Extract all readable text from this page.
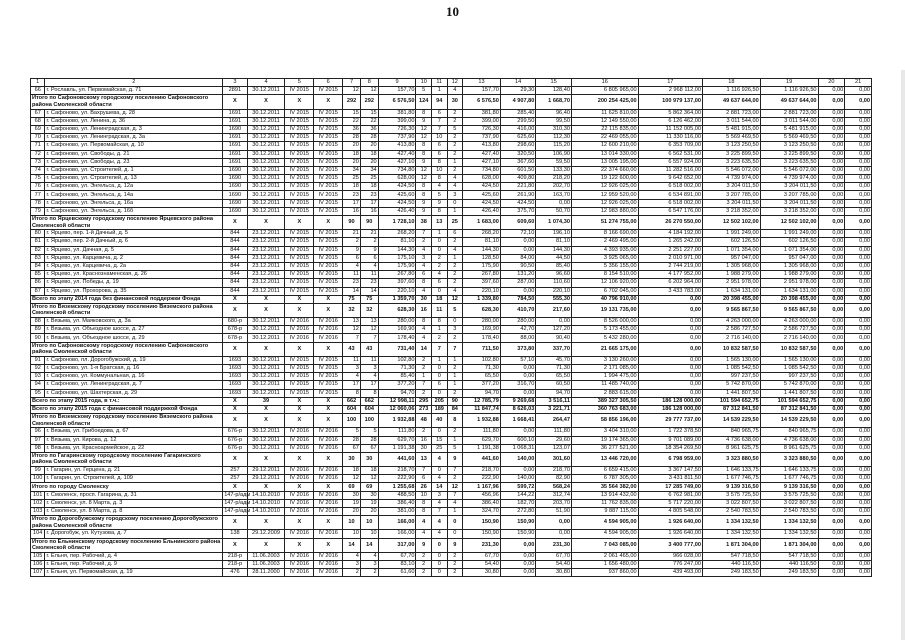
10
1	2	3	4	5	6	7	8	9	10	11	12	13	14	15	16	17	18	19	20	21
66	г. Рославль, ул. Первомайская, д. 71	2891	30.12.2011	IV 2015	IV 2015	12	12	157,70	5	1	4	157,70	29,30	128,40	6 805 965,00	2 968 112,00	1 116 926,50	1 116 926,50	0,00	0,00
Итого по Сафоновскому городскому поселению Сафоновского района Смоленской области		X	X	X	X	292	292	6 576,50	124	94	30	6 576,50	4 907,80	1 668,70	200 254 425,00	100 979 137,00	49 637 644,00	49 637 644,00	0,00	0,00
67	г. Сафоново, ул. Вахрушева, д. 28	1691	30.12.2011	IV 2015	IV 2015	15	15	381,80	8	6	2	381,80	285,40	96,40	11 625 810,00	5 862 364,00	2 881 723,00	2 881 723,00	0,00	0,00
68	г. Сафоново, ул. Ленина, д. 36	1691	30.12.2011	IV 2015	IV 2015	22	22	399,00	9	7	2	399,00	299,50	99,50	12 149 550,00	6 126 462,00	3 011 544,00	3 011 544,00	0,00	0,00
69	г. Сафоново, ул. Ленинградская, д. 3	1690	30.12.2011	IV 2015	IV 2015	36	36	726,30	12	7	5	726,30	416,00	310,30	22 115 835,00	11 152 005,00	5 481 915,00	5 481 915,00	0,00	0,00
70	г. Сафоново, ул. Ленинградская, д. 3а	1691	30.12.2011	IV 2015	IV 2015	28	28	737,90	12	10	2	737,90	625,60	112,30	22 469 055,00	11 330 116,00	5 569 469,50	5 569 469,50	0,00	0,00
71	г. Сафоново, ул. Первомайская, д. 10	1691	30.12.2011	IV 2015	IV 2015	20	20	413,80	8	6	2	413,80	298,60	115,20	12 600 210,00	6 353 709,00	3 123 250,50	3 123 250,50	0,00	0,00
72	г. Сафоново, ул. Свободы, д. 21	1691	30.12.2011	IV 2015	IV 2015	18	18	427,40	8	6	2	427,40	320,50	106,90	13 014 330,00	6 562 531,00	3 225 899,50	3 225 899,50	0,00	0,00
73	г. Сафоново, ул. Свободы, д. 23	1691	30.12.2011	IV 2015	IV 2015	20	20	427,10	9	8	1	427,10	367,60	59,50	13 005 195,00	6 557 924,00	3 223 635,50	3 223 635,50	0,00	0,00
74	г. Сафоново, ул. Строителей, д. 1	1690	30.12.2011	IV 2015	IV 2015	34	34	734,80	12	10	2	734,80	601,50	133,30	22 374 660,00	11 282 516,00	5 546 072,00	5 546 072,00	0,00	0,00
75	г. Сафоново, ул. Строителей, д. 13	1690	30.12.2011	IV 2015	IV 2015	25	25	628,00	12	8	4	628,00	409,80	218,20	19 122 600,00	9 642 652,00	4 739 974,00	4 739 974,00	0,00	0,00
76	г. Сафоново, ул. Энгельса, д. 12а	1690	30.12.2011	IV 2015	IV 2015	18	18	424,50	8	4	4	424,50	221,80	202,70	12 926 025,00	6 518 002,00	3 204 011,50	3 204 011,50	0,00	0,00
77	г. Сафоново, ул. Энгельса, д. 14а	1690	30.12.2011	IV 2015	IV 2015	23	23	425,60	8	5	3	425,60	261,90	163,70	12 959 520,00	6 534 891,00	3 207 785,00	3 207 785,00	0,00	0,00
78	г. Сафоново, ул. Энгельса, д. 16а	1690	30.12.2011	IV 2015	IV 2015	17	17	424,50	9	9	0	424,50	424,50	0,00	12 926 025,00	6 518 002,00	3 204 011,50	3 204 011,50	0,00	0,00
79	г. Сафоново, ул. Энгельса, д. 16б	1690	30.12.2011	IV 2015	IV 2015	16	16	426,40	9	8	1	426,40	375,70	50,70	12 983 880,00	6 547 176,00	3 218 352,00	3 218 352,00	0,00	0,00
Итого по Ярцевскому городскому поселению Ярцевского района Смоленской области		X	X	X	X	90	90	1 728,10	38	13	25	1 683,00	609,60	1 074,30	51 274 755,00	26 270 550,00	12 502 102,00	12 502 102,00	0,00	0,00
80	г. Ярцево, пер. 1-й Дачный, д. 5	844	23.12.2011	IV 2015	IV 2015	21	21	268,20	7	1	6	268,20	72,10	196,10	8 166 690,00	4 184 192,00	1 991 249,00	1 991 249,00	0,00	0,00
81	г. Ярцево, пер. 2-й Дачный, д. 6	844	23.12.2011	IV 2015	IV 2015	2	2	81,10	2	0	2	81,10	0,00	81,10	2 469 495,00	1 265 242,00	602 126,50	602 126,50	0,00	0,00
82	г. Ярцево, ул. Дачная, д. 5	844	23.12.2011	IV 2015	IV 2015	9	9	144,30	4	0	4	144,30	0,00	144,30	4 393 935,00	2 251 227,00	1 071 354,00	1 071 354,00	0,00	0,00
83	г. Ярцево, ул. Карцевича, д. 2	844	23.12.2011	IV 2015	IV 2015	6	6	175,10	3	2	1	128,50	84,00	44,50	3 925 065,00	2 010 971,00	957 047,00	957 047,00	0,00	0,00
84	г. Ярцево, ул. Карцевича, д. 2а	844	23.12.2011	IV 2015	IV 2015	4	4	175,90	4	2	2	175,90	90,50	85,40	5 356 155,00	2 744 219,00	1 305 968,00	1 305 968,00	0,00	0,00
85	г. Ярцево, ул. Краснознаменская, д. 26	844	23.12.2011	IV 2015	IV 2015	11	11	267,80	6	4	2	267,80	131,20	96,60	8 154 510,00	4 177 952,00	1 988 279,00	1 988 279,00	0,00	0,00
86	г. Ярцево, ул. Победы, д. 19	844	23.12.2011	IV 2015	IV 2015	23	23	397,60	8	6	2	397,60	287,00	110,60	12 106 920,00	6 202 964,00	2 951 978,00	2 951 978,00	0,00	0,00
87	г. Ярцево, ул. Прохорова, д. 35	844	23.12.2011	IV 2015	IV 2015	14	14	220,10	4	0	4	220,10	0,00	220,10	6 702 045,00	3 433 783,00	1 634 131,00	1 634 131,00	0,00	0,00
Всего по этапу 2014 года без финансовой поддержки Фонда		X	X	X	X	75	75	1 359,70	30	18	12	1 339,80	784,50	555,30	40 796 910,00	0,00	20 398 455,00	20 398 455,00	0,00	0,00
Итого по Вяземскому городскому поселению Вяземского района Смоленской области		X	X	X	X	32	32	628,30	16	11	5	628,30	410,70	217,60	19 131 735,00	0,00	9 565 867,50	9 565 867,50	0,00	0,00
88	г. Вязьма, ул. Маяковского, д. 3а	680-р	30.12.2011	IV 2016	IV 2016	13	13	280,00	8	8	0	280,00	280,00	0,00	8 526 000,00	0,00	4 263 000,00	4 263 000,00	0,00	0,00
89	г. Вязьма, ул. Объездное шоссе, д. 27	678-р	30.12.2011	IV 2016	IV 2016	12	12	169,90	4	1	3	169,90	42,70	127,20	5 173 455,00	0,00	2 586 727,50	2 586 727,50	0,00	0,00
90	г. Вязьма, ул. Объездное шоссе, д. 29	678-р	30.12.2011	IV 2016	IV 2016	7	7	178,40	4	2	2	178,40	88,00	90,40	5 432 280,00	0,00	2 716 140,00	2 716 140,00	0,00	0,00
Итого по Сафоновскому городскому поселению Сафоновского района Смоленской области		X	X	X	X	43	43	731,40	14	7	7	711,50	373,80	337,70	21 665 175,00	0,00	10 832 587,50	10 832 587,50	0,00	0,00
91	г. Сафоново, пл. Дорогобужский, д. 19	1693	30.12.2011	IV 2015	IV 2015	11	11	102,80	2	1	1	102,80	57,10	45,70	3 130 260,00	0,00	1 565 130,00	1 565 130,00	0,00	0,00
92	г. Сафоново, ул. 1-я Братская, д. 16	1693	30.12.2011	IV 2015	IV 2015	3	3	71,30	2	0	2	71,30	0,00	71,30	2 171 085,00	0,00	1 085 542,50	1 085 542,50	0,00	0,00
93	г. Сафоново, ул. Коммунальная, д. 16	1693	30.12.2011	IV 2015	IV 2015	4	4	85,40	1	0	1	65,50	0,00	65,50	1 994 475,00	0,00	997 237,50	997 237,50	0,00	0,00
94	г. Сафоново, ул. Ленинградская, д. 7	1693	30.12.2011	IV 2015	IV 2015	17	17	377,20	7	6	1	377,20	316,70	60,50	11 485 740,00	0,00	5 742 870,00	5 742 870,00	0,00	0,00
95	г. Сафоново, ул. Шахтерская, д. 29	1693	30.12.2011	IV 2015	IV 2015	8	8	94,70	2	0	2	94,70	0,00	94,70	2 883 615,00	0,00	1 441 807,50	1 441 807,50	0,00	0,00
Всего по этапу 2015 года, в т.ч.:		X	39	X	X	662	662	12 998,11	295	205	90	12 785,79	9 269,68	3 516,11	389 327 305,50	186 128 000,00	101 594 652,75	101 594 652,75	0,00	0,00
Всего по этапу 2015 года с финансовой поддержкой Фонда		X	X	X	X	604	604	12 060,06	273	189	84	11 847,74	8 626,03	3 221,71	360 763 683,00	186 128 000,00	87 312 841,50	87 312 841,50	0,00	0,00
Итого по Вяземскому городскому поселению Вяземского района Смоленской области		X	X	X	X	100	100	1 932,88	48	40	8	1 932,88	1 668,41	264,47	58 856 196,00	29 777 737,00	14 539 229,50	14 539 229,50	0,00	0,00
96	г. Вязьма, ул. Грибоедова, д. 67	676-р	30.12.2011	IV 2016	IV 2016	5	5	111,80	2	0	2	111,80	0,00	111,80	3 404 310,00	1 722 378,50	840 965,75	840 965,75	0,00	0,00
97	г. Вязьма, ул. Кирова, д. 12	676-р	30.12.2011	IV 2016	IV 2016	28	28	629,70	16	15	1	629,70	600,10	29,60	19 174 365,00	9 701 089,00	4 736 638,00	4 736 638,00	0,00	0,00
98	г. Вязьма, ул. Красноармейское, д. 22	676-р	30.12.2011	IV 2016	IV 2016	67	67	1 191,38	30	25	5	1 191,38	1 068,31	123,07	36 277 521,00	18 354 269,50	8 961 625,75	8 961 625,75	0,00	0,00
Итого по Гагаринскому городскому поселению Гагаринского района Смоленской области		X	X	X	X	30	30	441,60	13	4	9	441,60	140,00	301,60	13 446 720,00	6 798 959,00	3 323 880,50	3 323 880,50	0,00	0,00
99	г. Гагарин, ул. Герцена, д. 21	257	29.12.2011	IV 2016	IV 2016	18	18	218,70	7	0	7	218,70	0,00	218,70	6 659 415,00	3 367 147,50	1 646 133,75	1 646 133,75	0,00	0,00
100	г. Гагарин, ул. Строителей, д. 109	257	29.12.2011	IV 2016	IV 2016	12	12	222,90	6	4	2	222,90	140,00	82,90	6 787 305,00	3 431 811,50	1 677 746,75	1 677 746,75	0,00	0,00
Итого по городу Смоленску		X	X	X	X	69	69	1 255,68	26	14	12	1 167,96	599,72	568,24	35 564 382,00	17 285 749,00	9 139 316,50	9 139 316,50	0,00	0,00
101	г. Смоленск, просп. Гагарина, д. 31	147-р/адм	14.10.2010	IV 2016	IV 2016	30	30	488,50	10	3	7	456,96	144,22	312,74	13 914 432,00	6 762 981,00	3 575 725,50	3 575 725,50	0,00	0,00
102	г. Смоленск, ул. 8 Марта, д. 3	147-р/адм	14.10.2010	IV 2016	IV 2016	19	19	386,40	8	4	4	386,40	182,70	203,70	11 762 835,00	5 717 220,00	3 022 807,50	3 022 807,50	0,00	0,00
103	г. Смоленск, ул. 8 Марта, д. 8	147-р/адм	14.10.2010	IV 2016	IV 2016	20	20	381,00	8	7	1	324,70	272,80	51,90	9 887 115,00	4 805 548,00	2 540 783,50	2 540 783,50	0,00	0,00
Итого по Дорогобужскому городскому поселению Дорогобужского района Смоленской области		X	X	X	X	10	10	166,00	4	4	0	150,90	150,90	0,00	4 594 905,00	1 926 640,00	1 334 132,50	1 334 132,50	0,00	0,00
104	г. Дорогобуж, ул. Кутузова, д. 7	138	29.12.2009	IV 2016	IV 2016	10	10	166,00	4	4	0	150,90	150,90	0,00	4 594 905,00	1 926 640,00	1 334 132,50	1 334 132,50	0,00	0,00
Итого по Ельнинскому городскому поселению Ельнинского района Смоленской области		X	X	X	X	14	14	317,00	9	0	9	231,30	0,00	231,30	7 043 085,00	3 400 777,00	1 871 304,00	1 871 304,00	0,00	0,00
105	г. Ельня, пер. Рабочий, д. 4	218-р	11.06.2003	IV 2016	IV 2016	4	4	67,70	2	0	2	67,70	0,00	67,70	2 061 465,00	966 028,00	547 718,50	547 718,50	0,00	0,00
106	г. Ельня, пер. Рабочий, д. 9	218-р	11.06.2003	IV 2016	IV 2016	3	3	83,10	2	0	2	54,40	0,00	54,40	1 656 480,00	776 247,00	440 116,50	440 116,50	0,00	0,00
107	г. Ельня, ул. Первомайская, д. 19	476	28.11.2000	IV 2016	IV 2016	2	2	61,60	2	0	2	30,80	0,00	30,80	937 860,00	439 493,00	249 183,50	249 183,50	0,00	0,00
